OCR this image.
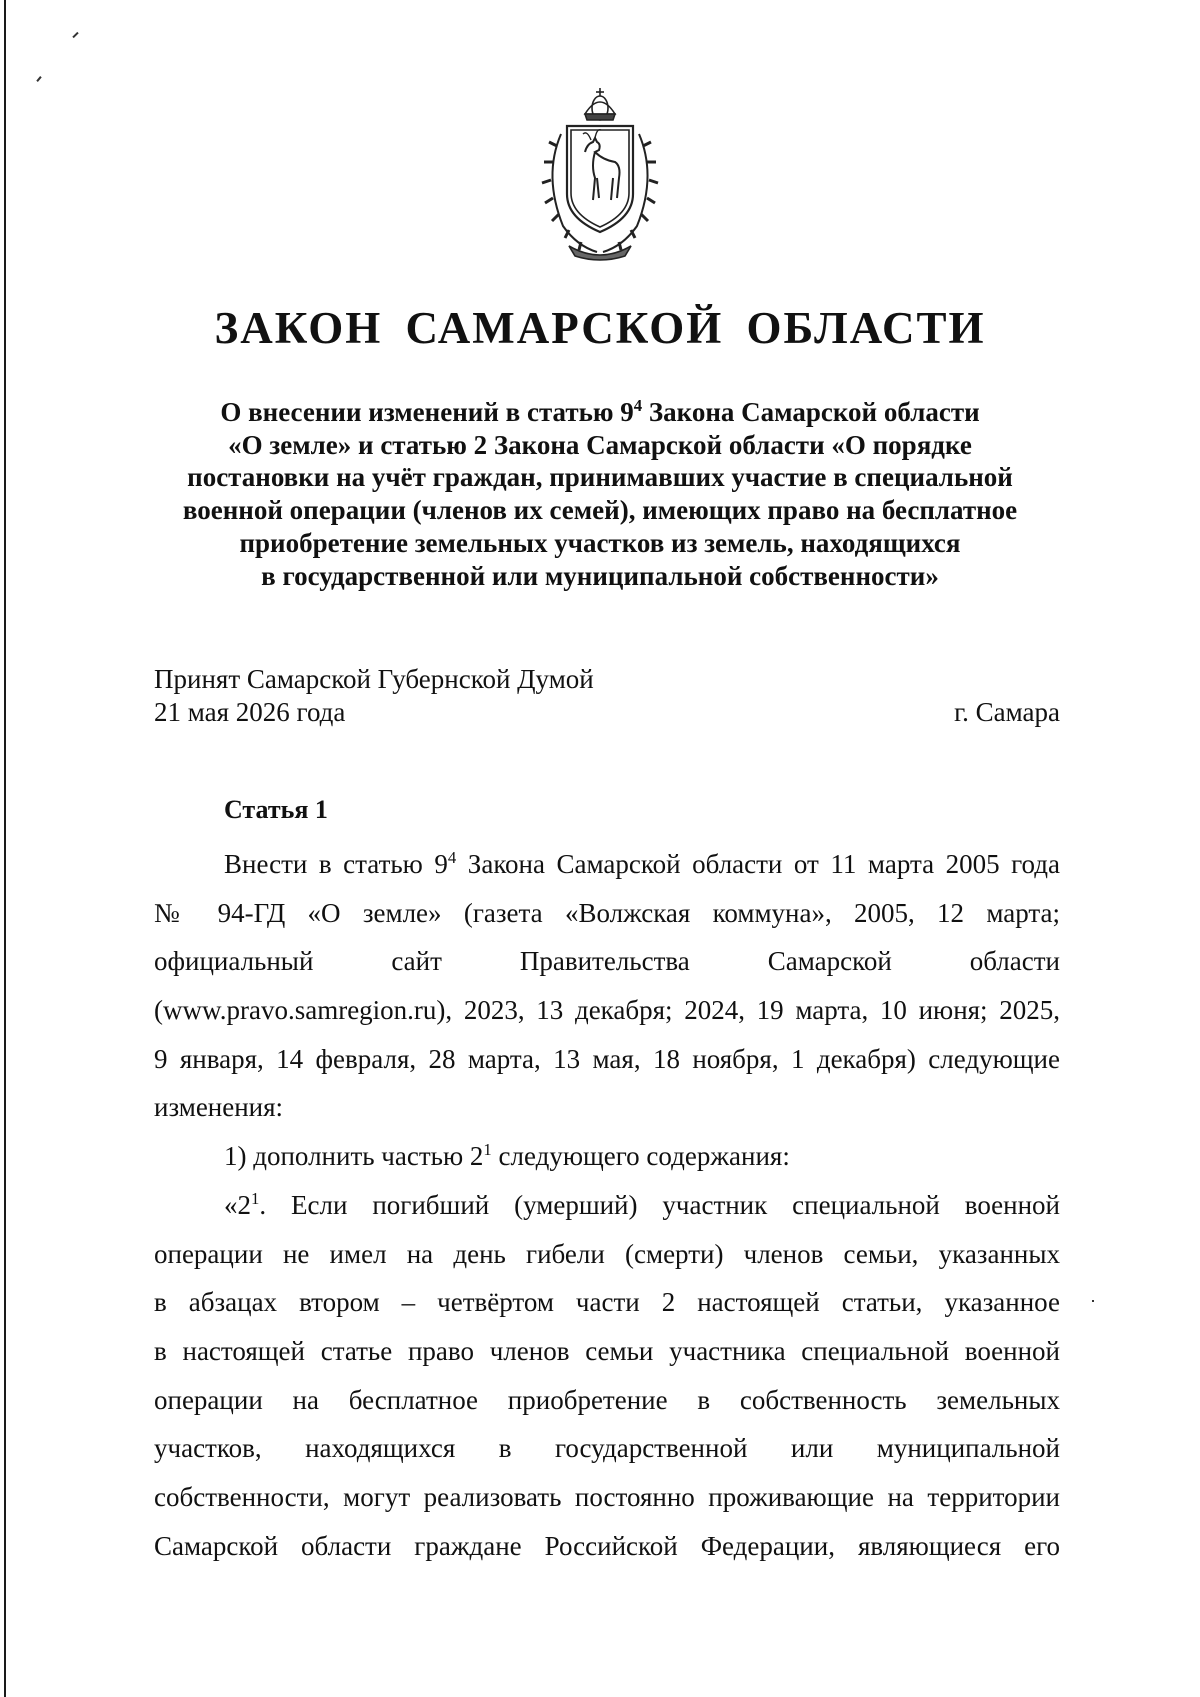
ЗАКОН САМАРСКОЙ ОБЛАСТИ
О внесении изменений в статью $9^4$ Закона Самарской области
«О земле» и статью 2 Закона Самарской области «О порядке
постановки на учёт граждан, принимавших участие в специальной
военной операции (членов их семей), имеющих право на бесплатное
приобретение земельных участков из земель, находящихся
в государственной или муниципальной собственности»
Принят Самарской Губернской Думой
21 мая 2026 года	г. Самара
Статья 1
Внести в статью $9^4$ Закона Самарской области от 11 марта 2005 года
№ 94-ГД «О земле» (газета «Волжская коммуна», 2005, 12 марта;
официальный сайт Правительства Самарской области
(www.pravo.samregion.ru), 2023, 13 декабря; 2024, 19 марта, 10 июня; 2025,
9 января, 14 февраля, 28 марта, 13 мая, 18 ноября, 1 декабря) следующие
изменения:
1) дополнить частью $2^1$ следующего содержания:
«$2^1$. Если погибший (умерший) участник специальной военной
операции не имел на день гибели (смерти) членов семьи, указанных
в абзацах втором – четвёртом части 2 настоящей статьи, указанное
в настоящей статье право членов семьи участника специальной военной
операции на бесплатное приобретение в собственность земельных
участков, находящихся в государственной или муниципальной
собственности, могут реализовать постоянно проживающие на территории
Самарской области граждане Российской Федерации, являющиеся его
